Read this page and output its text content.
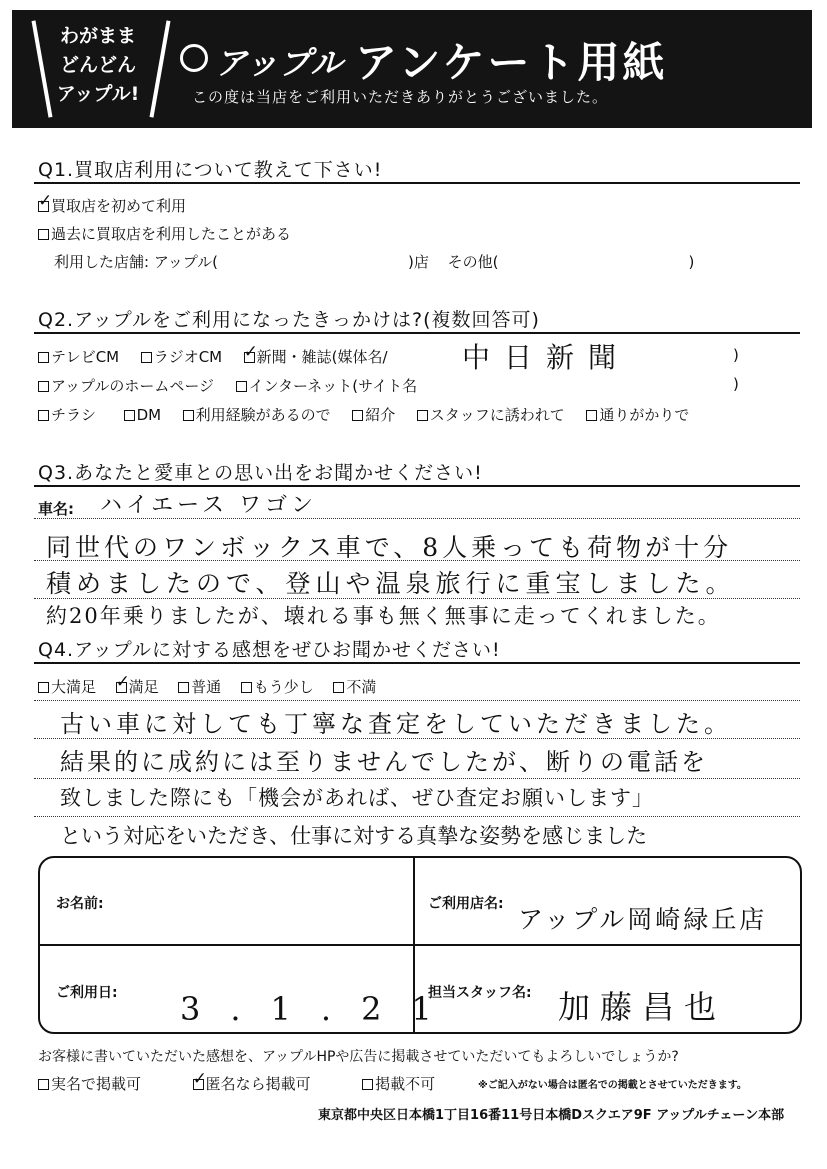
わがまま
どんどん
アップル!
アップル アンケート用紙
この度は当店をご利用いただきありがとうございました。
Q1.買取店利用について教えて下さい!
✓買取店を初めて利用
過去に買取店を利用したことがある
利用した店舗: アップル(	)店 その他(	)
Q2.アップルをご利用になったきっかけは?(複数回答可)
テレビCM ラジオCM ✓ 新聞・雑誌(媒体名/	中日新聞	)
アップルのホームページ インターネット(サイト名	)
チラシ	DM 利用経験があるので 紹介 スタッフに誘われて 通りがかりで
Q3.あなたと愛車との思い出をお聞かせください!
車名: ハイエース ワゴン
同世代のワンボックス車で、8人乗っても荷物が十分
積めましたので、登山や温泉旅行に重宝しました。
約20年乗りましたが、壊れる事も無く無事に走ってくれました。
Q4.アップルに対する感想をぜひお聞かせください!
大満足 ✓ 満足 普通 もう少し 不満
古い車に対しても丁寧な査定をしていただきました。
結果的に成約には至りませんでしたが、断りの電話を
致しました際にも「機会があれば、ぜひ査定お願いします」
という対応をいただき、仕事に対する真摯な姿勢を感じました
お名前:	ご利用店名:
アップル岡崎緑丘店
ご利用日: 3.1.21
担当スタッフ名: 加藤昌也
お客様に書いていただいた感想を、アップルHPや広告に掲載させていただいてもよろしいでしょうか?
実名で掲載可 ✓	匿名なら掲載可	掲載不可	※ご記入がない場合は匿名での掲載とさせていただきます。
東京都中央区日本橋1丁目16番11号日本橋Dスクエア9F アップルチェーン本部
